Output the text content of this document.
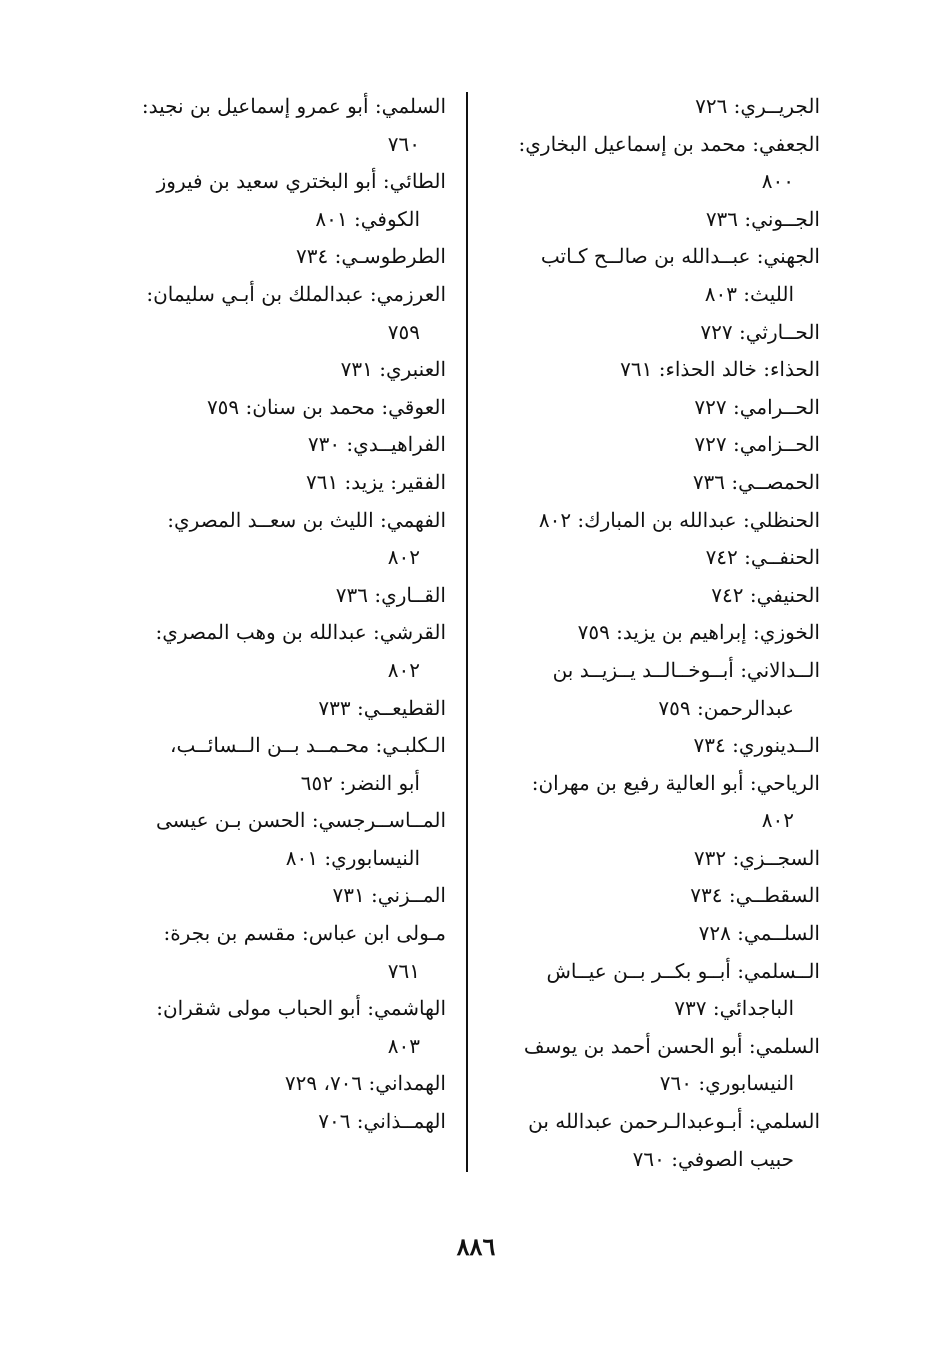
الجريــري: ٧٢٦

الجعفي: محمد بن إسماعيل البخاري:
٨٠٠

الجــوني: ٧٣٦

الجهني: عبــدالله بن صالــح كـاتب
الليث: ٨٠٣

الحــارثي: ٧٢٧

الحذاء: خالد الحذاء: ٧٦١

الحــرامي: ٧٢٧

الحــزامي: ٧٢٧

الحمصــي: ٧٣٦

الحنظلي: عبدالله بن المبارك: ٨٠٢

الحنفــي: ٧٤٢

الحنيفي: ٧٤٢

الخوزي: إبراهيم بن يزيد: ٧٥٩

الــدالاني: أبــوخــالــد يــزيــد بن
عبدالرحمن: ٧٥٩

الــدينوري: ٧٣٤

الرياحي: أبو العالية رفيع بن مهران:
٨٠٢

السجــزي: ٧٣٢

السقطــي: ٧٣٤

السلــمي: ٧٢٨

الــسلمي: أبــو بكــر بــن عيــاش
الباجدائي: ٧٣٧

السلمي: أبو الحسن أحمد بن يوسف
النيسابوري: ٧٦٠

السلمي: أبـوعبدالـرحمن عبدالله بن
حبيب الصوفي: ٧٦٠

السلمي: أبو عمرو إسماعيل بن نجيد:
٧٦٠

الطائي: أبو البختري سعيد بن فيروز
الكوفي: ٨٠١

الطرطوسـي: ٧٣٤

العرزمي: عبدالملك بن أبـي سليمان:
٧٥٩

العنبري: ٧٣١

العوقي: محمد بن سنان: ٧٥٩

الفراهيــدي: ٧٣٠

الفقير: يزيد: ٧٦١

الفهمي: الليث بن سعــد المصري:
٨٠٢

القــاري: ٧٣٦

القرشي: عبدالله بن وهب المصري:
٨٠٢

القطيعــي: ٧٣٣

الـكلبـي: محـمــد بــن الــسائــب،
أبو النضر: ٦٥٢

المــاســرجسي: الحسن بـن عيسى
النيسابوري: ٨٠١

المــزني: ٧٣١

مـولى ابن عباس: مقسم بن بجرة:
٧٦١

الهاشمي: أبو الحباب مولى شقران:
٨٠٣

الهمداني: ٧٠٦، ٧٢٩

الهمــذاني: ٧٠٦

٨٨٦
